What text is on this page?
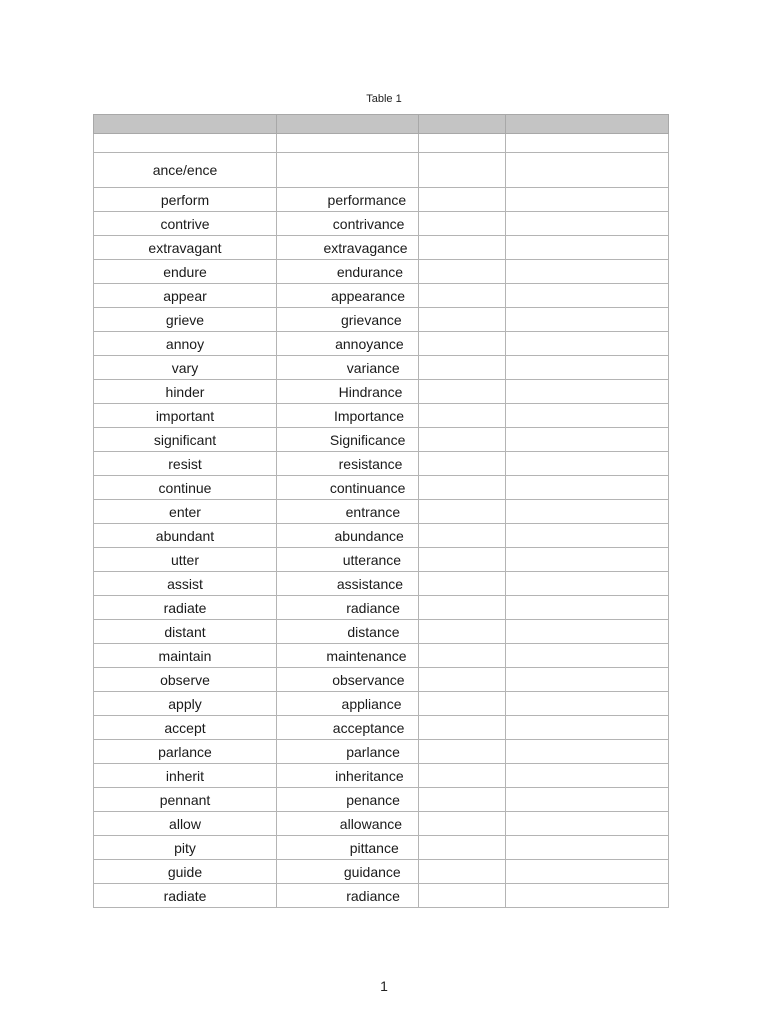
Table 1

ance/ence			
perform	performance		
contrive	contrivance		
extravagant	extravagance		
endure	endurance		
appear	appearance		
grieve	grievance		
annoy	annoyance		
vary	variance		
hinder	Hindrance		
important	Importance		
significant	Significance		
resist	resistance		
continue	continuance		
enter	entrance		
abundant	abundance		
utter	utterance		
assist	assistance		
radiate	radiance		
distant	distance		
maintain	maintenance		
observe	observance		
apply	appliance		
accept	acceptance		
parlance	parlance		
inherit	inheritance		
pennant	penance		
allow	allowance		
pity	pittance		
guide	guidance		
radiate	radiance		
1
